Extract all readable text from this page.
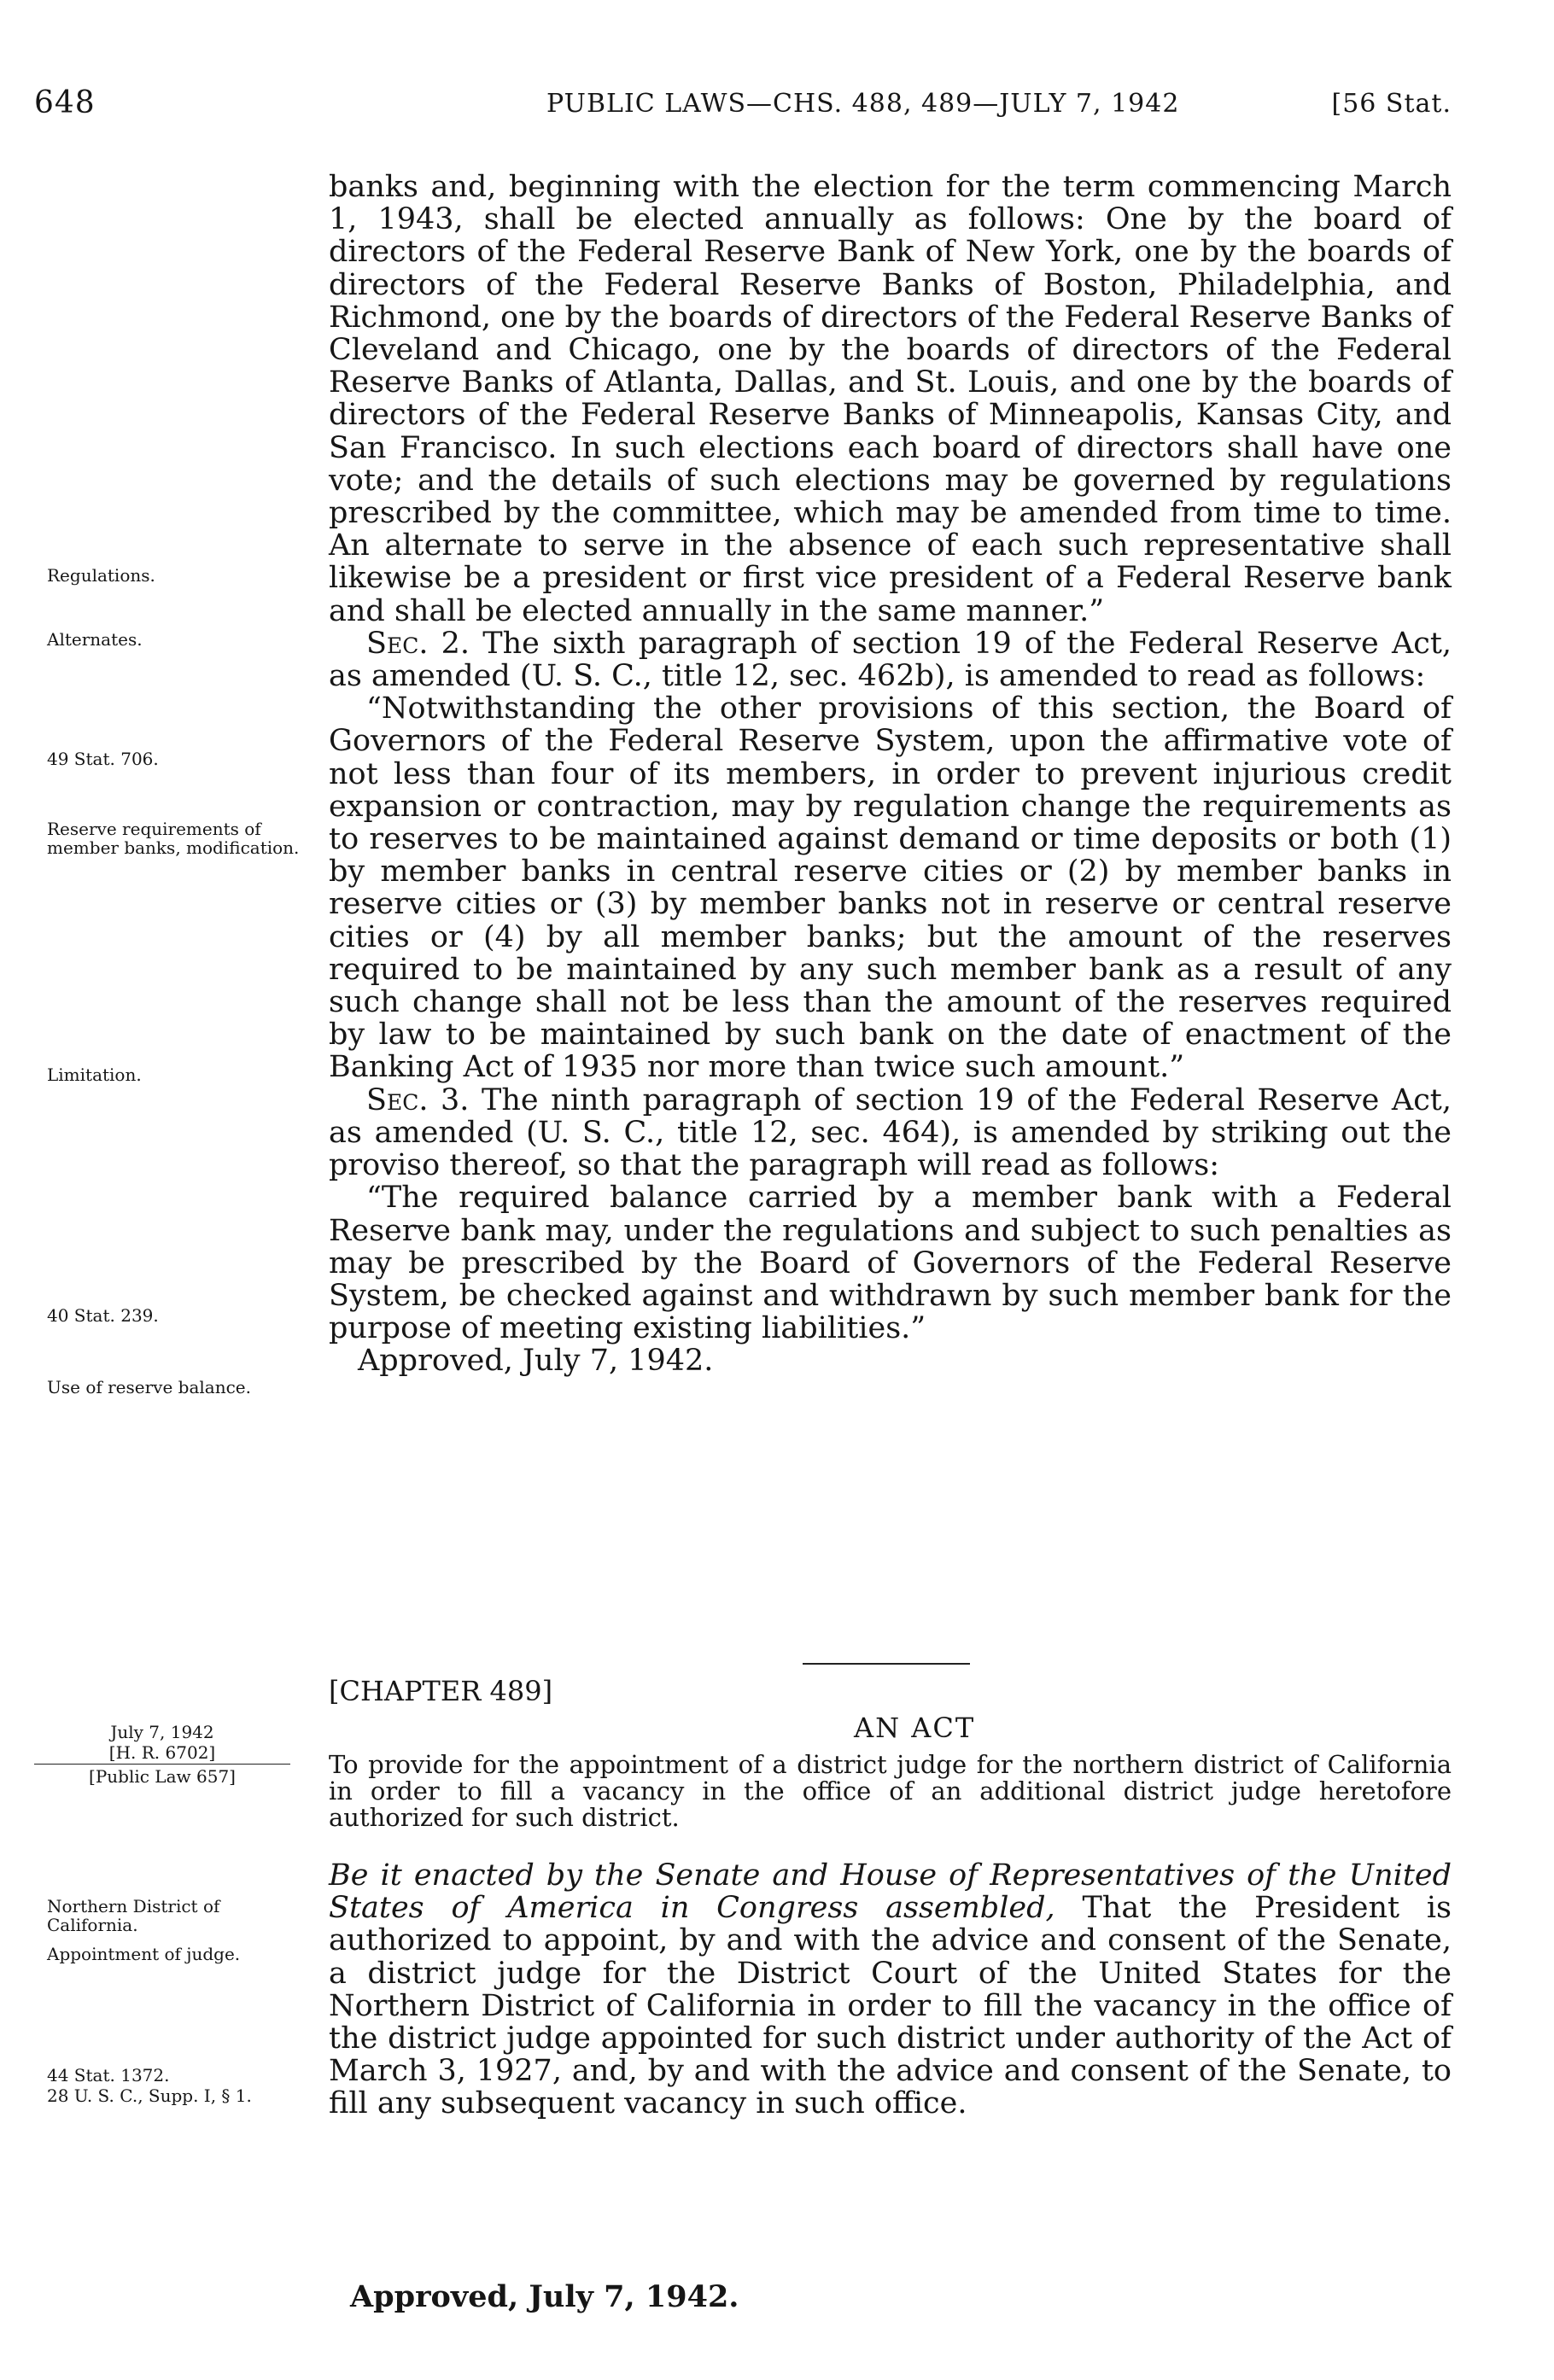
648	PUBLIC LAWS—CHS. 488, 489—JULY 7, 1942	[56 Stat.
Regulations.
Alternates.
49 Stat. 706.
Reserve requirements of member banks, modification.
Limitation.
40 Stat. 239.
Use of reserve balance.
July 7, 1942
[H. R. 6702]
[Public Law 657]
Northern District of California.
Appointment of judge.
44 Stat. 1372.
28 U. S. C., Supp. I, § 1.

banks and, beginning with the election for the term commencing March 1, 1943, shall be elected annually as follows: One by the board of directors of the Federal Reserve Bank of New York, one by the boards of directors of the Federal Reserve Banks of Boston, Philadelphia, and Richmond, one by the boards of directors of the Federal Reserve Banks of Cleveland and Chicago, one by the boards of directors of the Federal Reserve Banks of Atlanta, Dallas, and St. Louis, and one by the boards of directors of the Federal Reserve Banks of Minneapolis, Kansas City, and San Francisco. In such elections each board of directors shall have one vote; and the details of such elections may be governed by regulations prescribed by the committee, which may be amended from time to time. An alternate to serve in the absence of each such representative shall likewise be a president or first vice president of a Federal Reserve bank and shall be elected annually in the same manner.”

Sec. 2. The sixth paragraph of section 19 of the Federal Reserve Act, as amended (U. S. C., title 12, sec. 462b), is amended to read as follows:

“Notwithstanding the other provisions of this section, the Board of Governors of the Federal Reserve System, upon the affirmative vote of not less than four of its members, in order to prevent injurious credit expansion or contraction, may by regulation change the requirements as to reserves to be maintained against demand or time deposits or both (1) by member banks in central reserve cities or (2) by member banks in reserve cities or (3) by member banks not in reserve or central reserve cities or (4) by all member banks; but the amount of the reserves required to be maintained by any such member bank as a result of any such change shall not be less than the amount of the reserves required by law to be maintained by such bank on the date of enactment of the Banking Act of 1935 nor more than twice such amount.”

Sec. 3. The ninth paragraph of section 19 of the Federal Reserve Act, as amended (U. S. C., title 12, sec. 464), is amended by striking out the proviso thereof, so that the paragraph will read as follows:

“The required balance carried by a member bank with a Federal Reserve bank may, under the regulations and subject to such penalties as may be prescribed by the Board of Governors of the Federal Reserve System, be checked against and withdrawn by such member bank for the purpose of meeting existing liabilities.”

Approved, July 7, 1942.

[CHAPTER 489]
AN ACT
To provide for the appointment of a district judge for the northern district of California in order to fill a vacancy in the office of an additional district judge heretofore authorized for such district.
Be it enacted by the Senate and House of Representatives of the United States of America in Congress assembled, That the President is authorized to appoint, by and with the advice and consent of the Senate, a district judge for the District Court of the United States for the Northern District of California in order to fill the vacancy in the office of the district judge appointed for such district under authority of the Act of March 3, 1927, and, by and with the advice and consent of the Senate, to fill any subsequent vacancy in such office.
Approved, July 7, 1942.
